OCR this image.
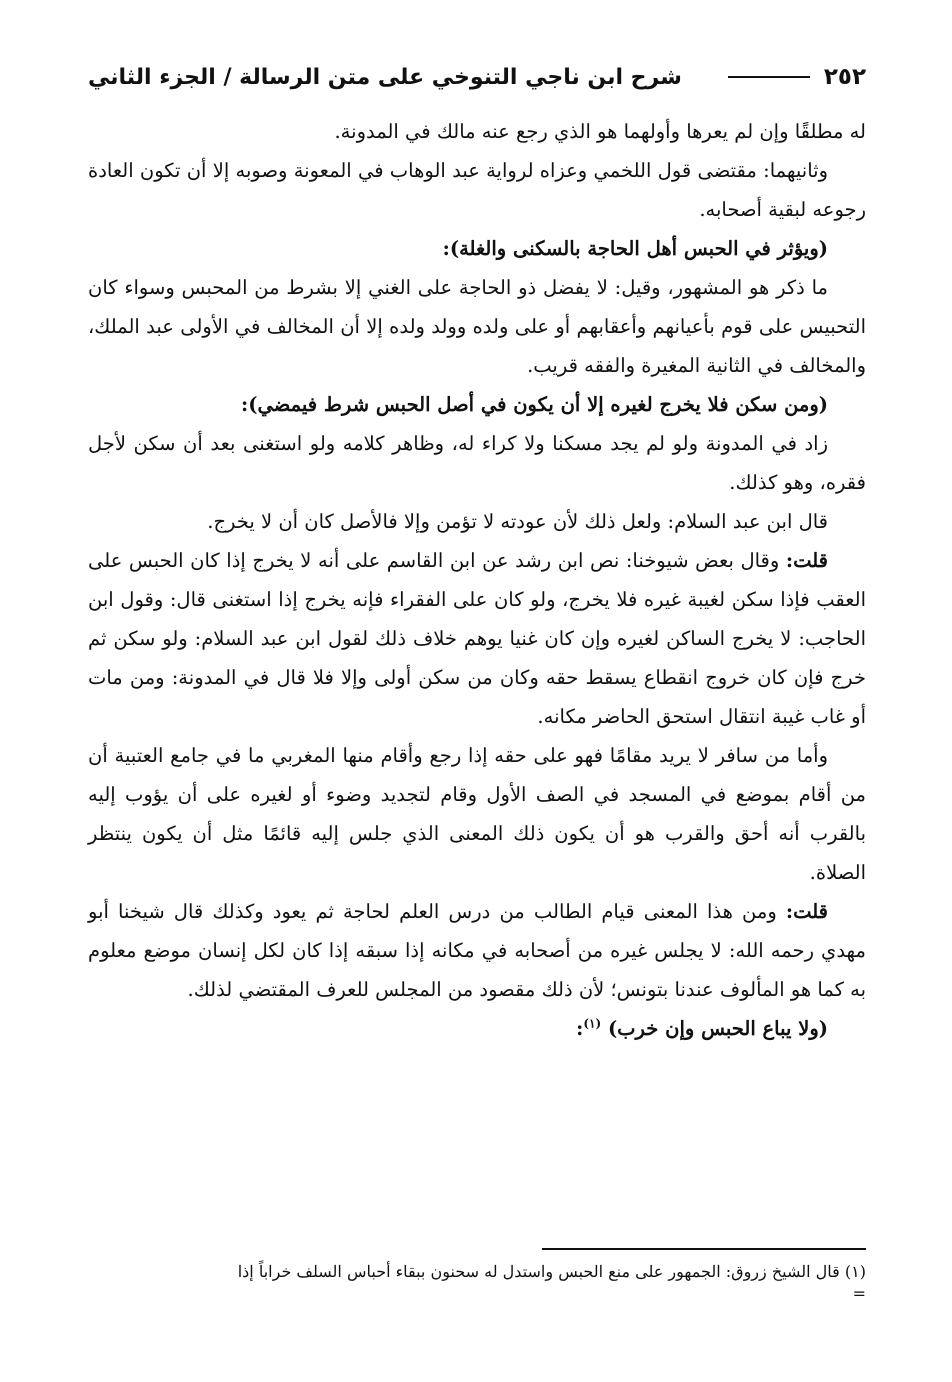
٢٥٢
شرح ابن ناجي التنوخي على متن الرسالة / الجزء الثاني

له مطلقًا وإن لم يعرها وأولهما هو الذي رجع عنه مالك في المدونة.

وثانيهما: مقتضى قول اللخمي وعزاه لرواية عبد الوهاب في المعونة وصوبه إلا أن تكون العادة رجوعه لبقية أصحابه.

(ويؤثر في الحبس أهل الحاجة بالسكنى والغلة):

ما ذكر هو المشهور، وقيل: لا يفضل ذو الحاجة على الغني إلا بشرط من المحبس وسواء كان التحبيس على قوم بأعيانهم وأعقابهم أو على ولده وولد ولده إلا أن المخالف في الأولى عبد الملك، والمخالف في الثانية المغيرة والفقه قريب.

(ومن سكن فلا يخرج لغيره إلا أن يكون في أصل الحبس شرط فيمضي):

زاد في المدونة ولو لم يجد مسكنا ولا كراء له، وظاهر كلامه ولو استغنى بعد أن سكن لأجل فقره، وهو كذلك.

قال ابن عبد السلام: ولعل ذلك لأن عودته لا تؤمن وإلا فالأصل كان أن لا يخرج.

قلت: وقال بعض شيوخنا: نص ابن رشد عن ابن القاسم على أنه لا يخرج إذا كان الحبس على العقب فإذا سكن لغيبة غيره فلا يخرج، ولو كان على الفقراء فإنه يخرج إذا استغنى قال: وقول ابن الحاجب: لا يخرج الساكن لغيره وإن كان غنيا يوهم خلاف ذلك لقول ابن عبد السلام: ولو سكن ثم خرج فإن كان خروج انقطاع يسقط حقه وكان من سكن أولى وإلا فلا قال في المدونة: ومن مات أو غاب غيبة انتقال استحق الحاضر مكانه.

وأما من سافر لا يريد مقامًا فهو على حقه إذا رجع وأقام منها المغربي ما في جامع العتبية أن من أقام بموضع في المسجد في الصف الأول وقام لتجديد وضوء أو لغيره على أن يؤوب إليه بالقرب أنه أحق والقرب هو أن يكون ذلك المعنى الذي جلس إليه قائمًا مثل أن يكون ينتظر الصلاة.

قلت: ومن هذا المعنى قيام الطالب من درس العلم لحاجة ثم يعود وكذلك قال شيخنا أبو مهدي رحمه الله: لا يجلس غيره من أصحابه في مكانه إذا سبقه إذا كان لكل إنسان موضع معلوم به كما هو المألوف عندنا بتونس؛ لأن ذلك مقصود من المجلس للعرف المقتضي لذلك.

(ولا يباع الحبس وإن خرب) $^{(١)}$:

(١) قال الشيخ زروق: الجمهور على منع الحبس واستدل له سحنون ببقاء أحباس السلف خراباً إذا
=
